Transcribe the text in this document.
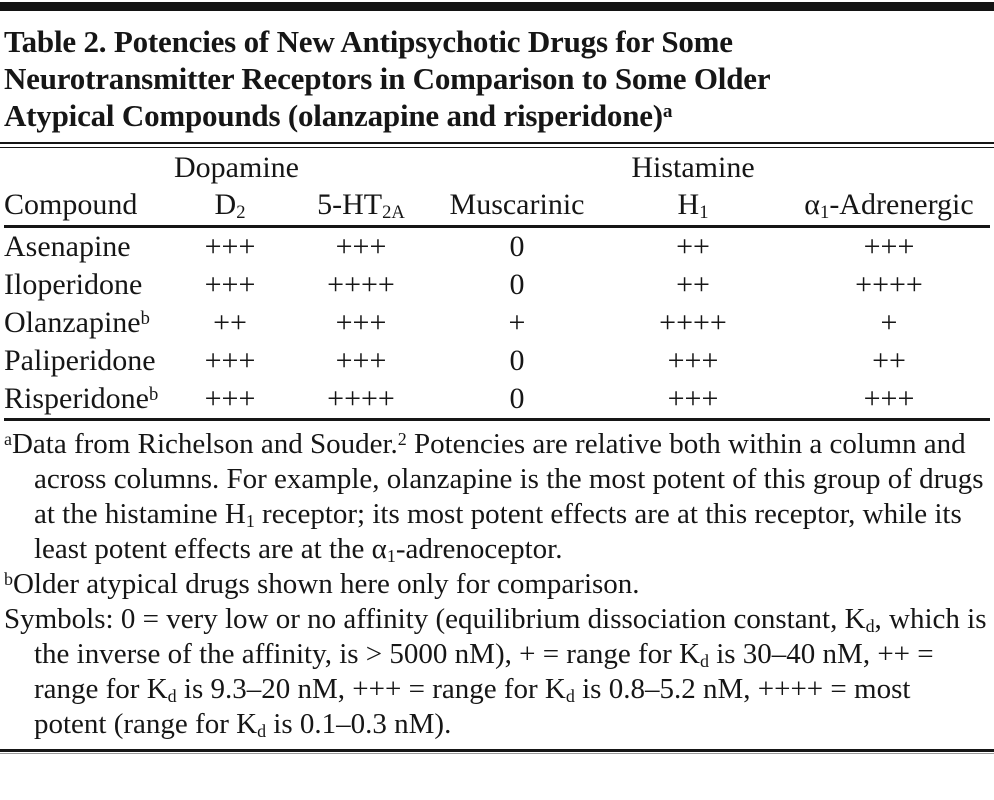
Table 2. Potencies of New Antipsychotic Drugs for Some
Neurotransmitter Receptors in Comparison to Some Older
Atypical Compounds (olanzapine and risperidone)$^a$
	Dopamine			Histamine	
Compound	$D_2$	$5-HT_{2A}$	Muscarinic	$H_1$	$\alpha_1$-Adrenergic
Asenapine	+++	+++	0	++	+++
Iloperidone	+++	++++	0	++	++++
Olanzapine$^b$	++	+++	+	++++	+
Paliperidone	+++	+++	0	+++	++
Risperidone$^b$	+++	++++	0	+++	+++

$^a$Data from Richelson and Souder.$^2$ Potencies are relative both within a column and across columns. For example, olanzapine is the most potent of this group of drugs at the histamine $H_1$ receptor; its most potent effects are at this receptor, while its least potent effects are at the $\alpha_1$-adrenoceptor.

$^b$Older atypical drugs shown here only for comparison.

Symbols: 0 = very low or no affinity (equilibrium dissociation constant, $K_d$, which is the inverse of the affinity, is > 5000 nM), + = range for $K_d$ is 30–40 nM, ++ = range for $K_d$ is 9.3–20 nM, +++ = range for $K_d$ is 0.8–5.2 nM, ++++ = most potent (range for $K_d$ is 0.1–0.3 nM).
